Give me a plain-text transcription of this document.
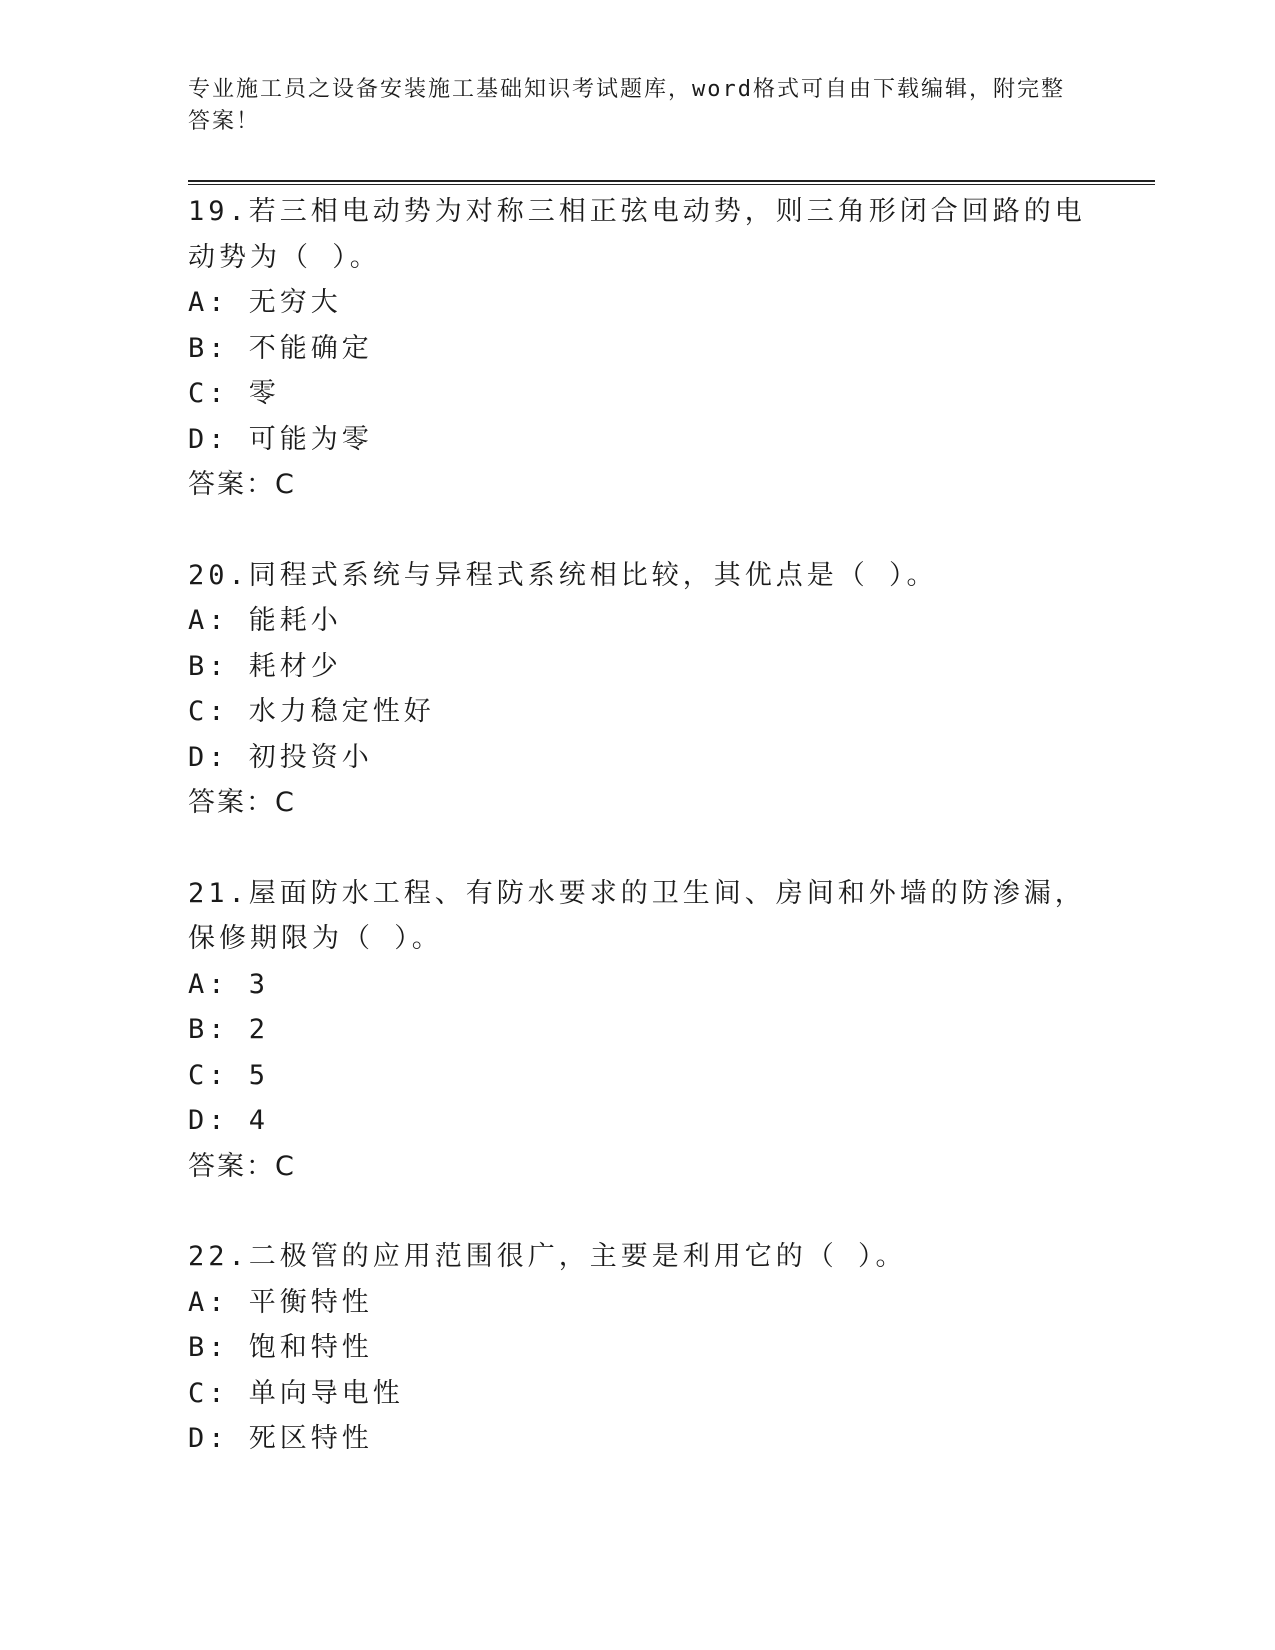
专业施工员之设备安装施工基础知识考试题库，word格式可自由下载编辑，附完整答案！

19.若三相电动势为对称三相正弦电动势，则三角形闭合回路的电动势为（ ）。

A: 无穷大

B: 不能确定

C: 零

D: 可能为零

答案：C

20.同程式系统与异程式系统相比较，其优点是（ ）。

A: 能耗小

B: 耗材少

C: 水力稳定性好

D: 初投资小

答案：C

21.屋面防水工程、有防水要求的卫生间、房间和外墙的防渗漏，保修期限为（ ）。

A: 3

B: 2

C: 5

D: 4

答案：C

22.二极管的应用范围很广，主要是利用它的（ ）。

A: 平衡特性

B: 饱和特性

C: 单向导电性

D: 死区特性
